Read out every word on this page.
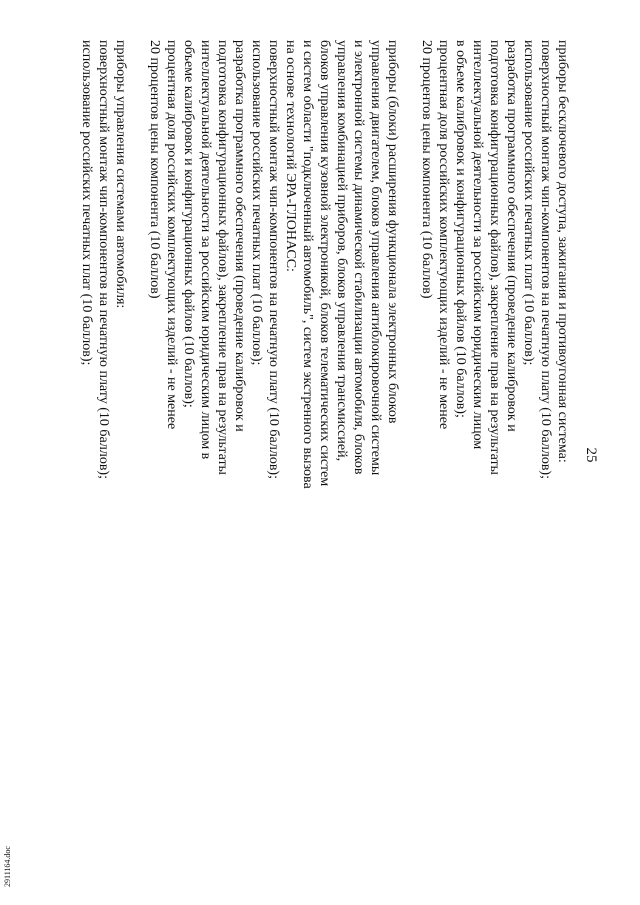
25
приборы бесключевого доступа, зажигания и противоугонная система:
поверхностный монтаж чип-компонентов на печатную плату (10 баллов);
использование российских печатных плат (10 баллов);
разработка программного обеспечения (проведение калибровок и
подготовка конфигурационных файлов), закрепление прав на результаты
интеллектуальной деятельности за российским юридическим лицом
в объеме калибровок и конфигурационных файлов (10 баллов);
процентная доля российских комплектующих изделий - не менее
20 процентов цены компонента (10 баллов)
приборы (блоки) расширения функционала электронных блоков
управления двигателем, блоков управления антиблокировочной системы
и электронной системы динамической стабилизации автомобиля, блоков
управления комбинацией приборов, блоков управления трансмиссией,
блоков управления кузовной электроникой, блоков телематических систем
и систем области "подключенный автомобиль", систем экстренного вызова
на основе технологий ЭРА-ГЛОНАСС:
поверхностный монтаж чип-компонентов на печатную плату (10 баллов);
использование российских печатных плат (10 баллов);
разработка программного обеспечения (проведение калибровок и
подготовка конфигурационных файлов), закрепление прав на результаты
интеллектуальной деятельности за российским юридическим лицом в
объеме калибровок и конфигурационных файлов (10 баллов);
процентная доля российских комплектующих изделий - не менее
20 процентов цены компонента (10 баллов)
приборы управления системами автомобиля:
поверхностный монтаж чип-компонентов на печатную плату (10 баллов);
использование российских печатных плат (10 баллов);
2911164.doc
